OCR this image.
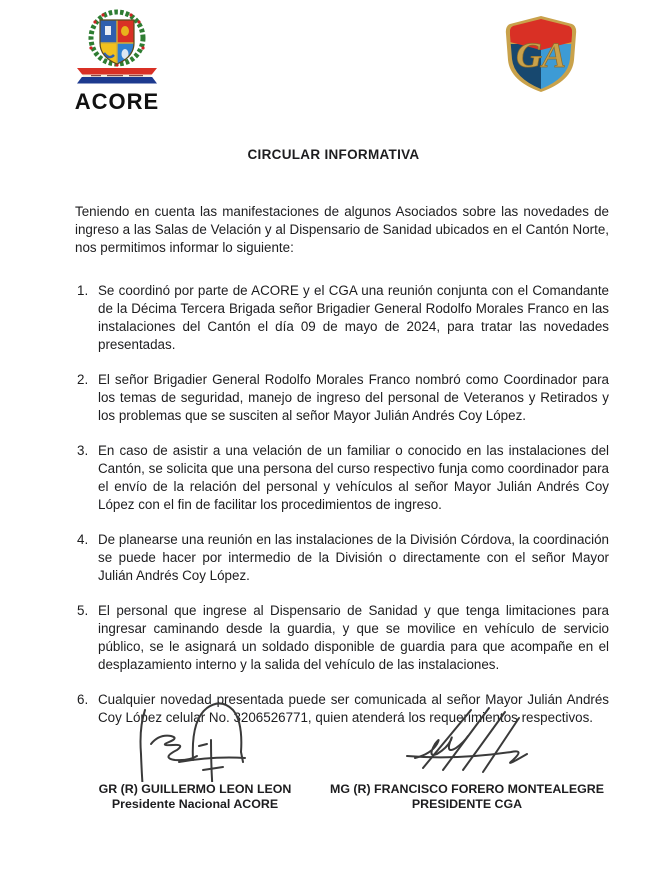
ACORE
GA
CIRCULAR INFORMATIVA

Teniendo en cuenta las manifestaciones de algunos Asociados sobre las novedades de ingreso a las Salas de Velación y al Dispensario de Sanidad ubicados en el Cantón Norte, nos permitimos informar lo siguiente:

1. Se coordinó por parte de ACORE y el CGA una reunión conjunta con el Comandante de la Décima Tercera Brigada señor Brigadier General Rodolfo Morales Franco en las instalaciones del Cantón el día 09 de mayo de 2024, para tratar las novedades presentadas.
2. El señor Brigadier General Rodolfo Morales Franco nombró como Coordinador para los temas de seguridad, manejo de ingreso del personal de Veteranos y Retirados y los problemas que se susciten al señor Mayor Julián Andrés Coy López.
3. En caso de asistir a una velación de un familiar o conocido en las instalaciones del Cantón, se solicita que una persona del curso respectivo funja como coordinador para el envío de la relación del personal y vehículos al señor Mayor Julián Andrés Coy López con el fin de facilitar los procedimientos de ingreso.
4. De planearse una reunión en las instalaciones de la División Córdova, la coordinación se puede hacer por intermedio de la División o directamente con el señor Mayor Julián Andrés Coy López.
5. El personal que ingrese al Dispensario de Sanidad y que tenga limitaciones para ingresar caminando desde la guardia, y que se movilice en vehículo de servicio público, se le asignará un soldado disponible de guardia para que acompañe en el desplazamiento interno y la salida del vehículo de las instalaciones.
6. Cualquier novedad presentada puede ser comunicada al señor Mayor Julián Andrés Coy López celular No. 3206526771, quien atenderá los requerimientos respectivos.
GR (R) GUILLERMO LEON LEON
Presidente Nacional ACORE
MG (R) FRANCISCO FORERO MONTEALEGRE
PRESIDENTE CGA
